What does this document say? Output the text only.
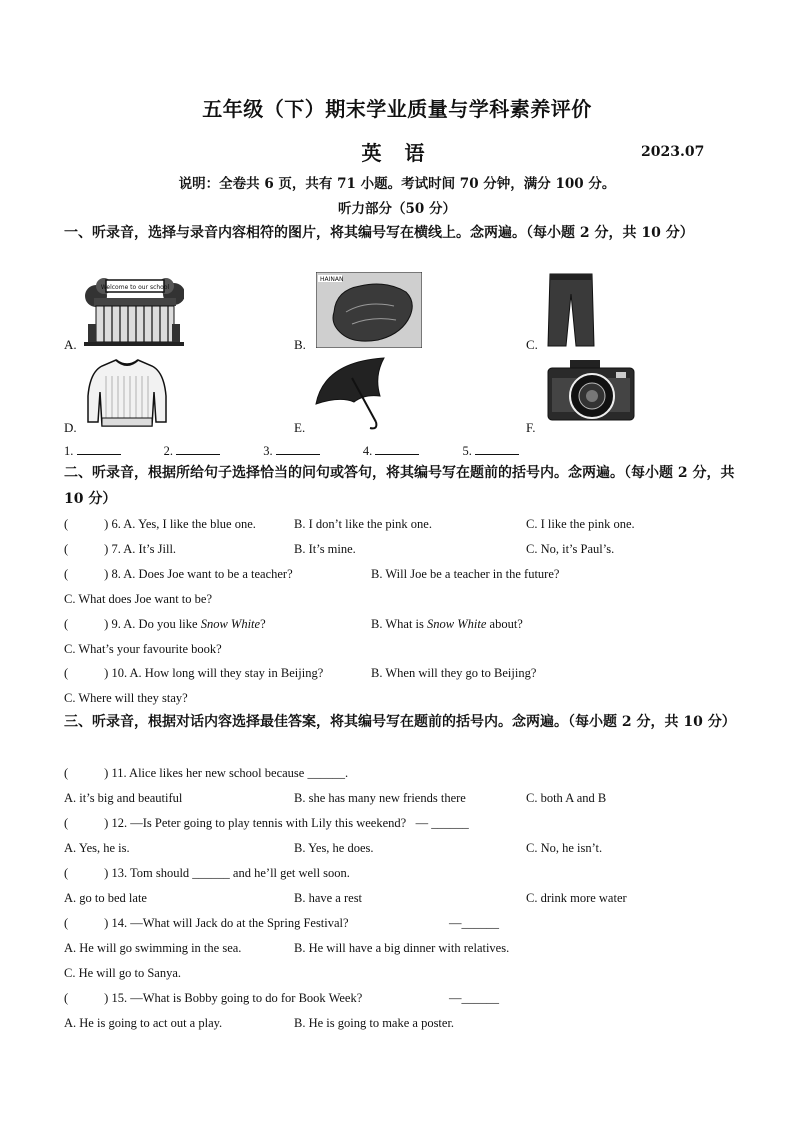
五年级（下）期末学业质量与学科素养评价
英 语	2023.07
说明：全卷共 6 页，共有 71 小题。考试时间 70 分钟，满分 100 分。
听力部分（50 分）
一、听录音，选择与录音内容相符的图片，将其编号写在横线上。念两遍。（每小题 2 分，共 10 分）
A.
Welcome to our school
B.
HAINAN
C.
D.	E.	F.
1.	2.	3.	4.	5.
二、听录音，根据所给句子选择恰当的问句或答句，将其编号写在题前的括号内。念两遍。（每小题 2 分，共 10 分）
(	) 6. A. Yes, I like the blue one.	B. I don’t like the pink one.	C. I like the pink one.
(	) 7. A. It’s Jill.	B. It’s mine.	C. No, it’s Paul’s.
(	) 8. A. Does Joe want to be a teacher?	B. Will Joe be a teacher in the future?
C. What does Joe want to be?
(	) 9. A. Do you like Snow White?	B. What is Snow White about?
C. What’s your favourite book?
(	) 10. A. How long will they stay in Beijing?	B. When will they go to Beijing?
C. Where will they stay?
三、听录音，根据对话内容选择最佳答案，将其编号写在题前的括号内。念两遍。（每小题 2 分，共 10 分）
(	) 11. Alice likes her new school because ______.
A. it’s big and beautiful	B. she has many new friends there	C. both A and B
(	) 12. —Is Peter going to play tennis with Lily this weekend? — ______
A. Yes, he is.	B. Yes, he does.	C. No, he isn’t.
(	) 13. Tom should ______ and he’ll get well soon.
A. go to bed late	B. have a rest	C. drink more water
(	) 14. —What will Jack do at the Spring Festival?	—______
A. He will go swimming in the sea.	B. He will have a big dinner with relatives.
C. He will go to Sanya.
(	) 15. —What is Bobby going to do for Book Week?	—______
A. He is going to act out a play.	B. He is going to make a poster.
